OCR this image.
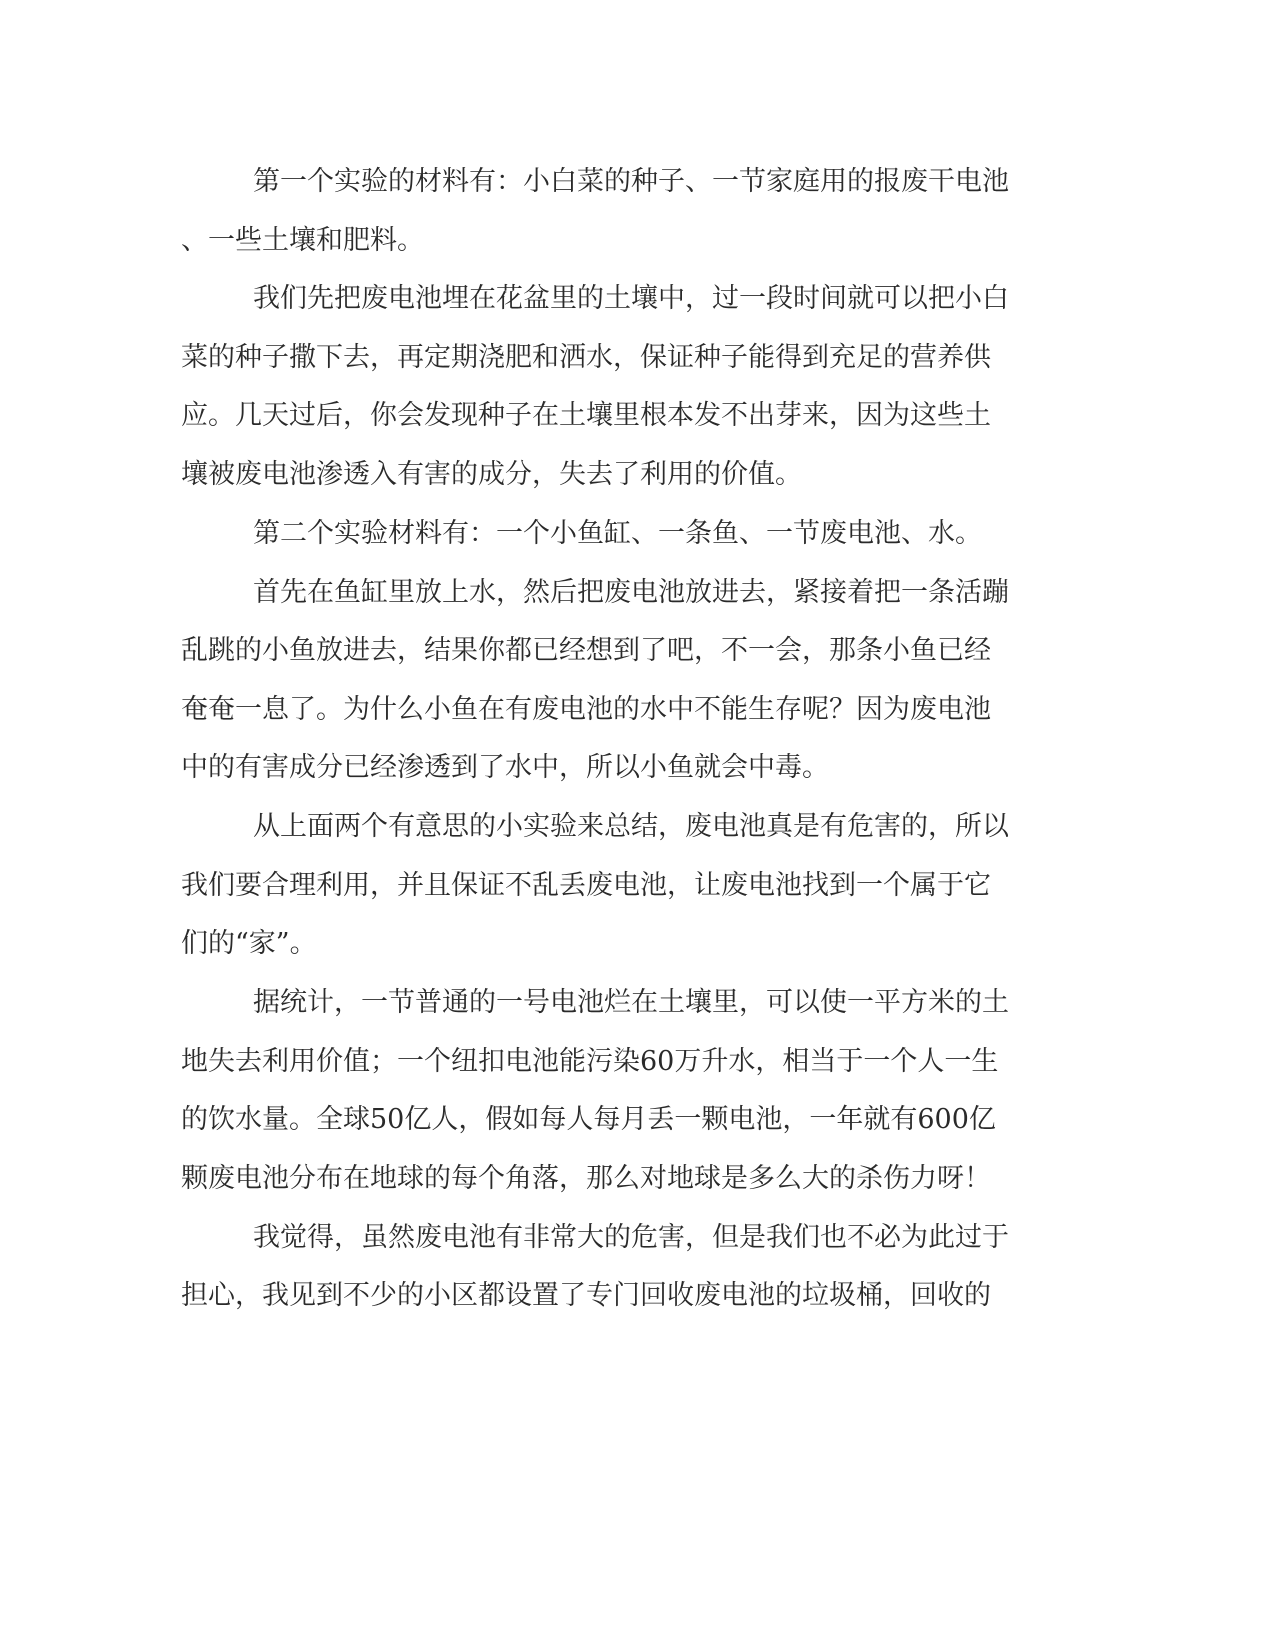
第一个实验的材料有：小白菜的种子、一节家庭用的报废干电池
、一些土壤和肥料。
我们先把废电池埋在花盆里的土壤中，过一段时间就可以把小白
菜的种子撒下去，再定期浇肥和洒水，保证种子能得到充足的营养供
应。几天过后，你会发现种子在土壤里根本发不出芽来，因为这些土
壤被废电池渗透入有害的成分，失去了利用的价值。
第二个实验材料有：一个小鱼缸、一条鱼、一节废电池、水。
首先在鱼缸里放上水，然后把废电池放进去，紧接着把一条活蹦
乱跳的小鱼放进去，结果你都已经想到了吧，不一会，那条小鱼已经
奄奄一息了。为什么小鱼在有废电池的水中不能生存呢？因为废电池
中的有害成分已经渗透到了水中，所以小鱼就会中毒。
从上面两个有意思的小实验来总结，废电池真是有危害的，所以
我们要合理利用，并且保证不乱丢废电池，让废电池找到一个属于它
们的“家”。
据统计，一节普通的一号电池烂在土壤里，可以使一平方米的土
地失去利用价值；一个纽扣电池能污染60万升水，相当于一个人一生
的饮水量。全球50亿人，假如每人每月丢一颗电池，一年就有600亿
颗废电池分布在地球的每个角落，那么对地球是多么大的杀伤力呀！
我觉得，虽然废电池有非常大的危害，但是我们也不必为此过于
担心，我见到不少的小区都设置了专门回收废电池的垃圾桶，回收的
